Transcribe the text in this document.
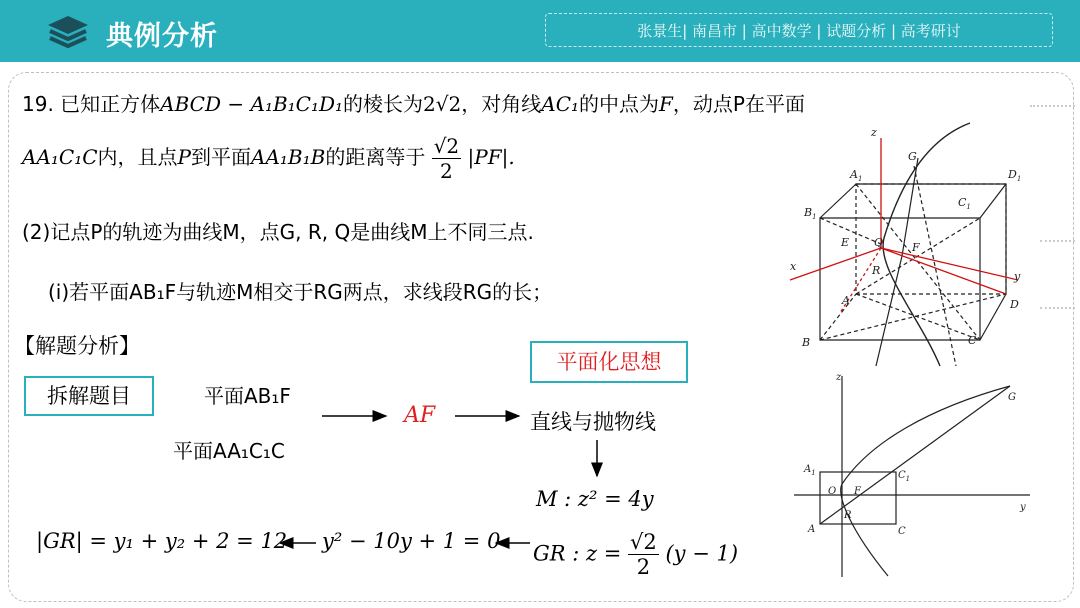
典例分析	张景生| 南昌市 | 高中数学 | 试题分析 | 高考研讨
19. 已知正方体ABCD − A₁B₁C₁D₁的棱长为2√2，对角线AC₁的中点为F，动点P在平面
AA₁C₁C内，且点P到平面AA₁B₁B的距离等于 $\frac{√2}{2} |PF|$.
(2)记点P的轨迹为曲线M，点G, R, Q是曲线M上不同三点.
(i)若平面AB₁F与轨迹M相交于RG两点，求线段RG的长；
【解题分析】
拆解题目
平面化思想
平面AB₁F
平面AA₁C₁C
AF	直线与抛物线
M : z² = 4y
GR : $z = \frac{√2}{2} (y - 1)$
y² − 10y + 1 = 0
|GR| = y₁ + y₂ + 2 = 12
z
G
$D_1$
$A_1$
$C_1$
$B_1$
E Q	F
R
x
y
A	D
B	C
z
G
$A_1$	$C_1$
O F
R
y
A	C
